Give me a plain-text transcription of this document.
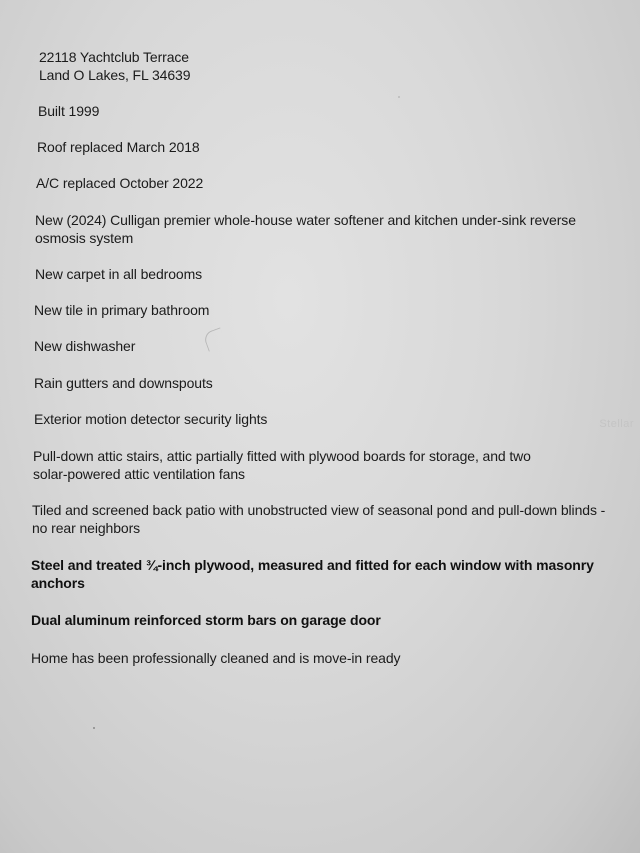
22118 Yachtclub Terrace
Land O Lakes, FL 34639
Built 1999
Roof replaced March 2018
A/C replaced October 2022
New (2024) Culligan premier whole-house water softener and kitchen under-sink reverse osmosis system
New carpet in all bedrooms
New tile in primary bathroom
New dishwasher
Rain gutters and downspouts
Exterior motion detector security lights
Pull-down attic stairs, attic partially fitted with plywood boards for storage, and two solar-powered attic ventilation fans
Tiled and screened back patio with unobstructed view of seasonal pond and pull-down blinds - no rear neighbors
Steel and treated ¾-inch plywood, measured and fitted for each window with masonry anchors
Dual aluminum reinforced storm bars on garage door
Home has been professionally cleaned and is move-in ready
Stellar
